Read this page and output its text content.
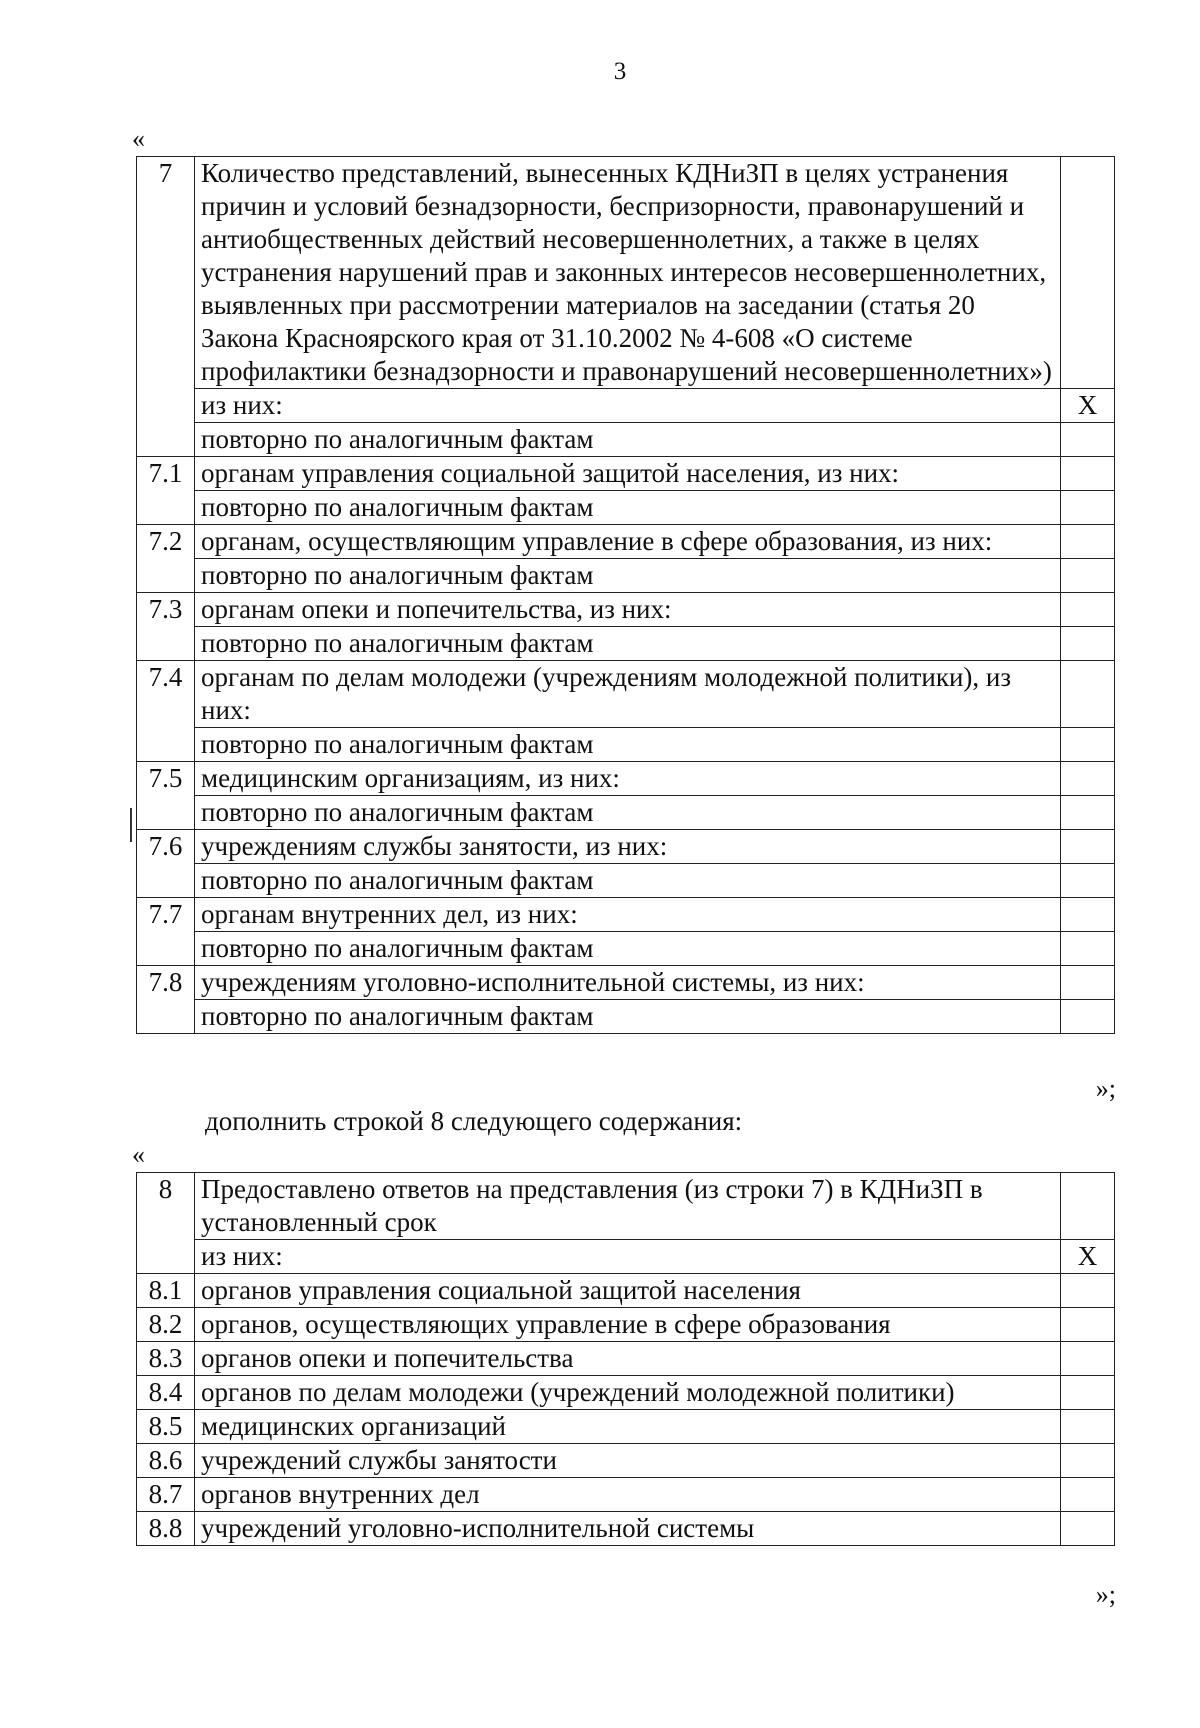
3
«
7	Количество представлений, вынесенных КДНиЗП в целях устранения причин и условий безнадзорности, беспризорности, правонарушений и антиобщественных действий несовершеннолетних, а также в целях устранения нарушений прав и законных интересов несовершеннолетних, выявленных при рассмотрении материалов на заседании (статья 20 Закона Красноярского края от 31.10.2002 № 4-608 «О системе профилактики безнадзорности и правонарушений несовершеннолетних»)	
	из них:	X
	повторно по аналогичным фактам	
7.1	органам управления социальной защитой населения, из них:	
	повторно по аналогичным фактам	
7.2	органам, осуществляющим управление в сфере образования, из них:	
	повторно по аналогичным фактам	
7.3	органам опеки и попечительства, из них:	
	повторно по аналогичным фактам	
7.4	органам по делам молодежи (учреждениям молодежной политики), из них:	
	повторно по аналогичным фактам	
7.5	медицинским организациям, из них:	
	повторно по аналогичным фактам	
7.6	учреждениям службы занятости, из них:	
	повторно по аналогичным фактам	
7.7	органам внутренних дел, из них:	
	повторно по аналогичным фактам	
7.8	учреждениям уголовно-исполнительной системы, из них:	
	повторно по аналогичным фактам	
»;
дополнить строкой 8 следующего содержания:
«
8	Предоставлено ответов на представления (из строки 7) в КДНиЗП в установленный срок	
	из них:	X
8.1	органов управления социальной защитой населения	
8.2	органов, осуществляющих управление в сфере образования	
8.3	органов опеки и попечительства	
8.4	органов по делам молодежи (учреждений молодежной политики)	
8.5	медицинских организаций	
8.6	учреждений службы занятости	
8.7	органов внутренних дел	
8.8	учреждений уголовно-исполнительной системы	
»;
